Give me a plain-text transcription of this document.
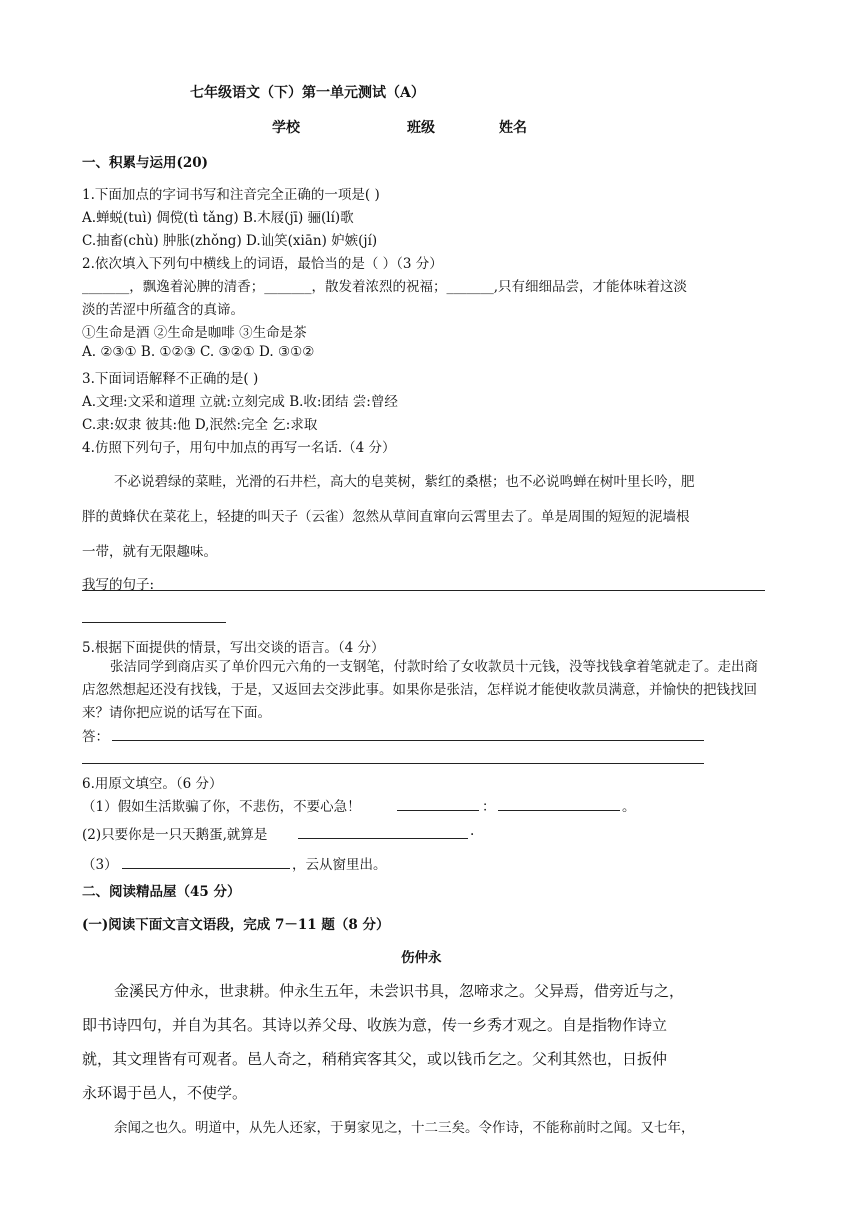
七年级语文（下）第一单元测试（A）
学校	班级	姓名
一、积累与运用(20)
1.下面加点的字词书写和注音完全正确的一项是( )
A.蝉蜕(tuì) 倜傥(tì tǎng) B.木屐(jī) 骊(lí)歌
C.抽畜(chù) 肿胀(zhǒng) D.讪笑(xiān) 妒嫉(jí)
2.依次填入下列句中横线上的词语，最恰当的是（ ）（3 分）
_______，飘逸着沁脾的清香；_______，散发着浓烈的祝福；_______,只有细细品尝，才能体味着这淡
淡的苦涩中所蕴含的真谛。
①生命是酒 ②生命是咖啡 ③生命是茶
A. ②③① B. ①②③ C. ③②① D. ③①②
3.下面词语解释不正确的是( )
A.文理:文采和道理 立就:立刻完成 B.收:团结 尝:曾经
C.隶:奴隶 彼其:他 D,泯然:完全 乞:求取
4.仿照下列句子，用句中加点的再写一名话.（4 分）
不必说碧绿的菜畦，光滑的石井栏，高大的皂荚树，紫红的桑椹；也不必说鸣蝉在树叶里长吟，肥
胖的黄蜂伏在菜花上，轻捷的叫天子（云雀）忽然从草间直窜向云霄里去了。单是周围的短短的泥墙根
一带，就有无限趣味。
我写的句子:
5.根据下面提供的情景，写出交谈的语言。（4 分）
张洁同学到商店买了单价四元六角的一支钢笔，付款时给了女收款员十元钱，没等找钱拿着笔就走了。走出商店忽然想起还没有找钱，于是，又返回去交涉此事。如果你是张洁，怎样说才能使收款员满意，并愉快的把钱找回来？请你把应说的话写在下面。
答：
6.用原文填空。（6 分）
（1）假如生活欺骗了你，不悲伤，不要心急！	：	。
(2)只要你是一只天鹅蛋,就算是	.
（3）	，云从窗里出。
二、阅读精品屋（45 分）
(一)阅读下面文言文语段，完成 7－11 题（8 分）
伤仲永
金溪民方仲永，世隶耕。仲永生五年，未尝识书具，忽啼求之。父异焉，借旁近与之，
即书诗四句，并自为其名。其诗以养父母、收族为意，传一乡秀才观之。自是指物作诗立
就，其文理皆有可观者。邑人奇之，稍稍宾客其父，或以钱币乞之。父利其然也，日扳仲
永环谒于邑人，不使学。
余闻之也久。明道中，从先人还家，于舅家见之，十二三矣。令作诗，不能称前时之闻。又七年，
